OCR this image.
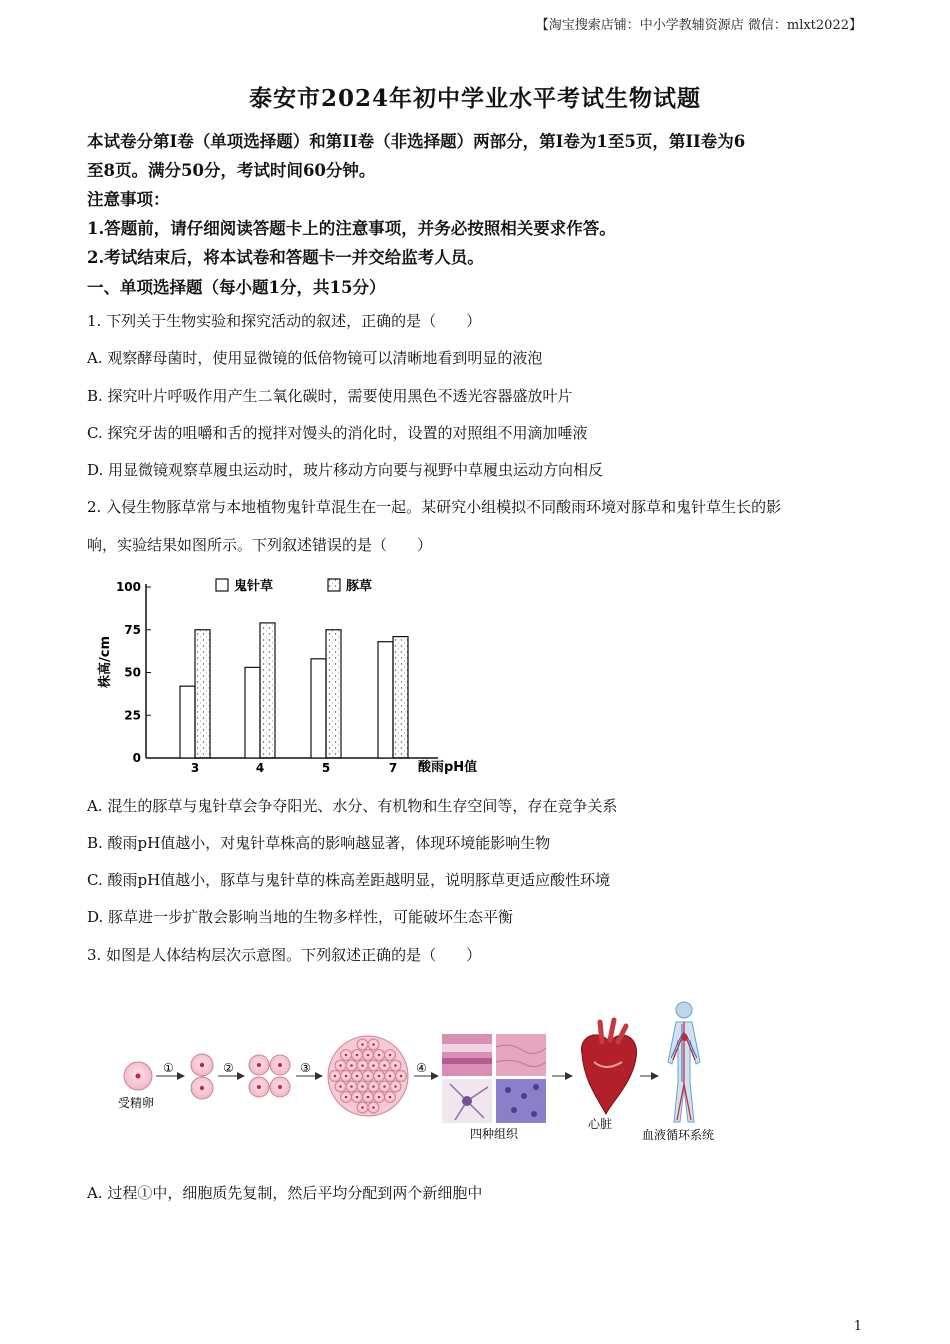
【淘宝搜索店铺：中小学教辅资源店 微信：mlxt2022】
泰安市2024年初中学业水平考试生物试题
本试卷分第I卷（单项选择题）和第II卷（非选择题）两部分，第I卷为1至5页，第II卷为6
至8页。满分50分，考试时间60分钟。
注意事项：
1.答题前，请仔细阅读答题卡上的注意事项，并务必按照相关要求作答。
2.考试结束后，将本试卷和答题卡一并交给监考人员。
一、单项选择题（每小题1分，共15分）
1. 下列关于生物实验和探究活动的叙述，正确的是（　　）
A. 观察酵母菌时，使用显微镜的低倍物镜可以清晰地看到明显的液泡
B. 探究叶片呼吸作用产生二氧化碳时，需要使用黑色不透光容器盛放叶片
C. 探究牙齿的咀嚼和舌的搅拌对馒头的消化时，设置的对照组不用滴加唾液
D. 用显微镜观察草履虫运动时，玻片移动方向要与视野中草履虫运动方向相反
2. 入侵生物豚草常与本地植物鬼针草混生在一起。某研究小组模拟不同酸雨环境对豚草和鬼针草生长的影
响，实验结果如图所示。下列叙述错误的是（　　）
株高/cm
0
25
50
75
100
3	4	5	7 酸雨pH值
鬼针草	豚草
A. 混生的豚草与鬼针草会争夺阳光、水分、有机物和生存空间等，存在竞争关系
B. 酸雨pH值越小，对鬼针草株高的影响越显著，体现环境能影响生物
C. 酸雨pH值越小，豚草与鬼针草的株高差距越明显，说明豚草更适应酸性环境
D. 豚草进一步扩散会影响当地的生物多样性，可能破坏生态平衡
3. 如图是人体结构层次示意图。下列叙述正确的是（　　）
受精卵
①	②	③	④
四种组织
心脏
血液循环系统
A. 过程①中，细胞质先复制，然后平均分配到两个新细胞中
1
